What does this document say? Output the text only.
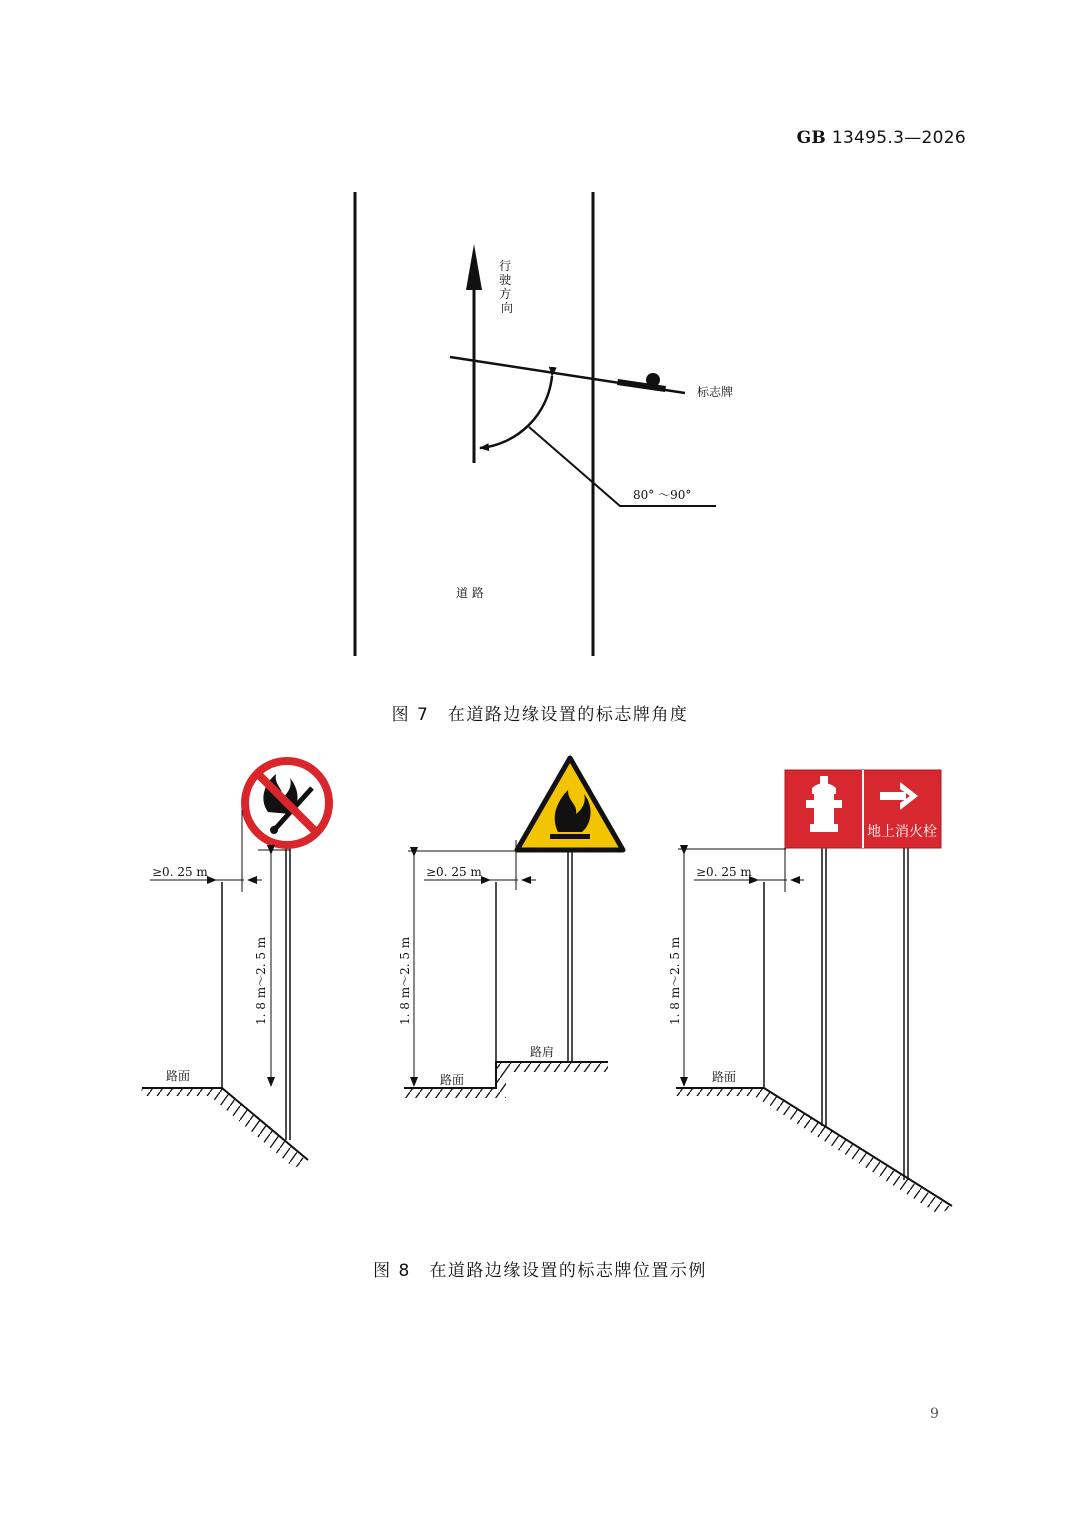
GB 13495.3—2026
行 驶 方 向
标志牌
80° ～90°
道 路
≥0. 25 m
1. 8 m～2. 5 m
路面
≥0. 25 m
1. 8 m～2. 5 m
路面
路肩
地上消火栓
≥0. 25 m
1. 8 m～2. 5 m
路面
图 7　在道路边缘设置的标志牌角度
图 8　在道路边缘设置的标志牌位置示例
9
